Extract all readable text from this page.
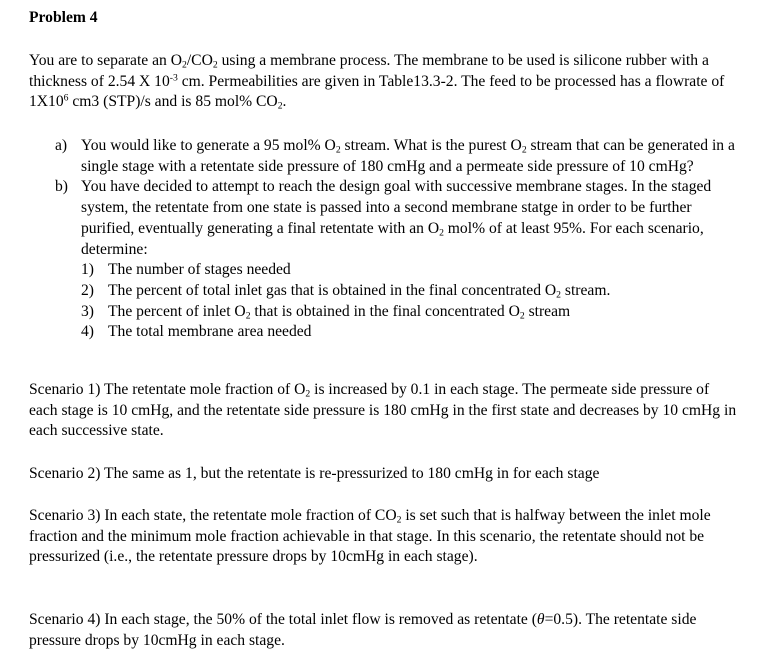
Problem 4

You are to separate an $O_2/CO_2$ using a membrane process. The membrane to be used is silicone rubber with a thickness of 2.54 X $10^{-3}$ cm. Permeabilities are given in Table13.3-2. The feed to be processed has a flowrate of $1X10^6$ cm3 (STP)/s and is 85 mol% $CO_2$.

a) You would like to generate a 95 mol% $O_2$ stream. What is the purest $O_2$ stream that can be generated in a single stage with a retentate side pressure of 180 cmHg and a permeate side pressure of 10 cmHg?
b) You have decided to attempt to reach the design goal with successive membrane stages. In the staged system, the retentate from one state is passed into a second membrane statge in order to be further purified, eventually generating a final retentate with an $O_2$ mol% of at least 95%. For each scenario, determine:
1) The number of stages needed
2) The percent of total inlet gas that is obtained in the final concentrated $O_2$ stream.
3) The percent of inlet $O_2$ that is obtained in the final concentrated $O_2$ stream
4) The total membrane area needed

Scenario 1) The retentate mole fraction of $O_2$ is increased by 0.1 in each stage. The permeate side pressure of each stage is 10 cmHg, and the retentate side pressure is 180 cmHg in the first state and decreases by 10 cmHg in each successive state.

Scenario 2) The same as 1, but the retentate is re-pressurized to 180 cmHg in for each stage

Scenario 3) In each state, the retentate mole fraction of $CO_2$ is set such that is halfway between the inlet mole fraction and the minimum mole fraction achievable in that stage. In this scenario, the retentate should not be pressurized (i.e., the retentate pressure drops by 10cmHg in each stage).

Scenario 4) In each stage, the 50% of the total inlet flow is removed as retentate (θ=0.5). The retentate side pressure drops by 10cmHg in each stage.
